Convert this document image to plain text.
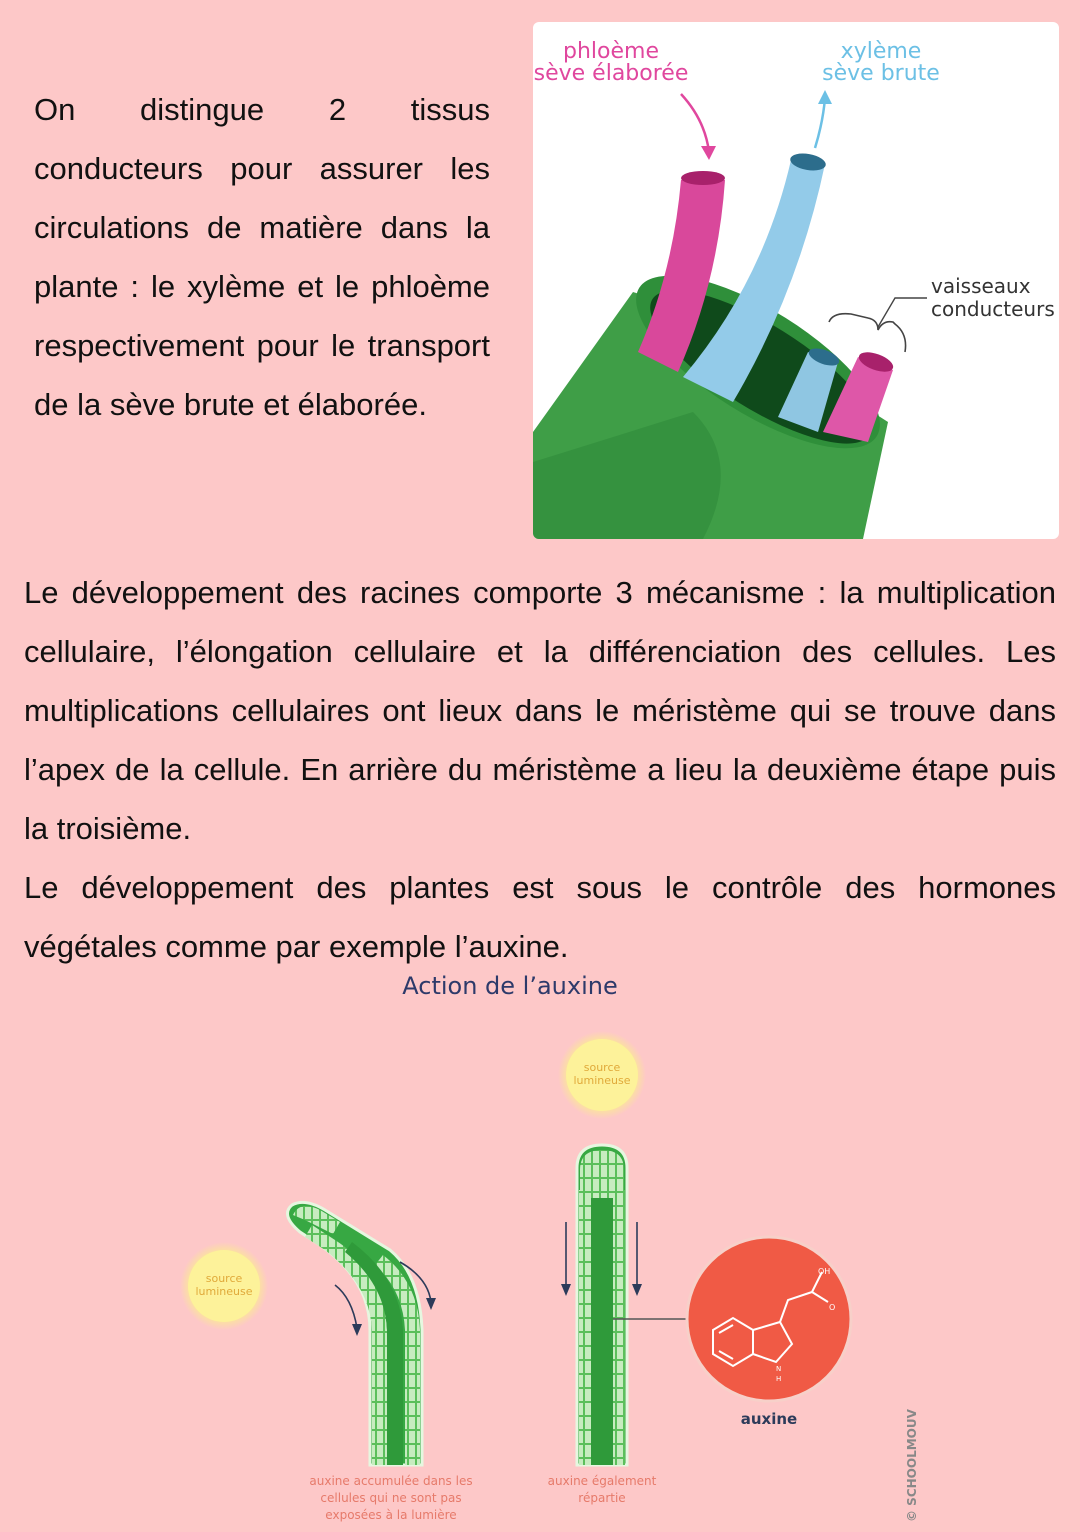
On distingue 2 tissus conducteurs pour assurer les circulations de matière dans la plante : le xylème et le phloème respectivement pour le transport de la sève brute et élaborée.

phloème
sève élaborée
xylème
sève brute
vaisseaux
conducteurs

Le développement des racines comporte 3 mécanisme : la multiplication cellulaire, l’élongation cellulaire et la différenciation des cellules. Les multiplications cellulaires ont lieux dans le méristème qui se trouve dans l’apex de la cellule. En arrière du méristème a lieu la deuxième étape puis la troisième.

Le développement des plantes est sous le contrôle des hormones végétales comme par exemple l’auxine.

Action de l’auxine
source
lumineuse
source
lumineuse
OH
O
N
H
auxine
auxine accumulée dans les
cellules qui ne sont pas
exposées à la lumière
auxine également
répartie	© SCHOOLMOUV
